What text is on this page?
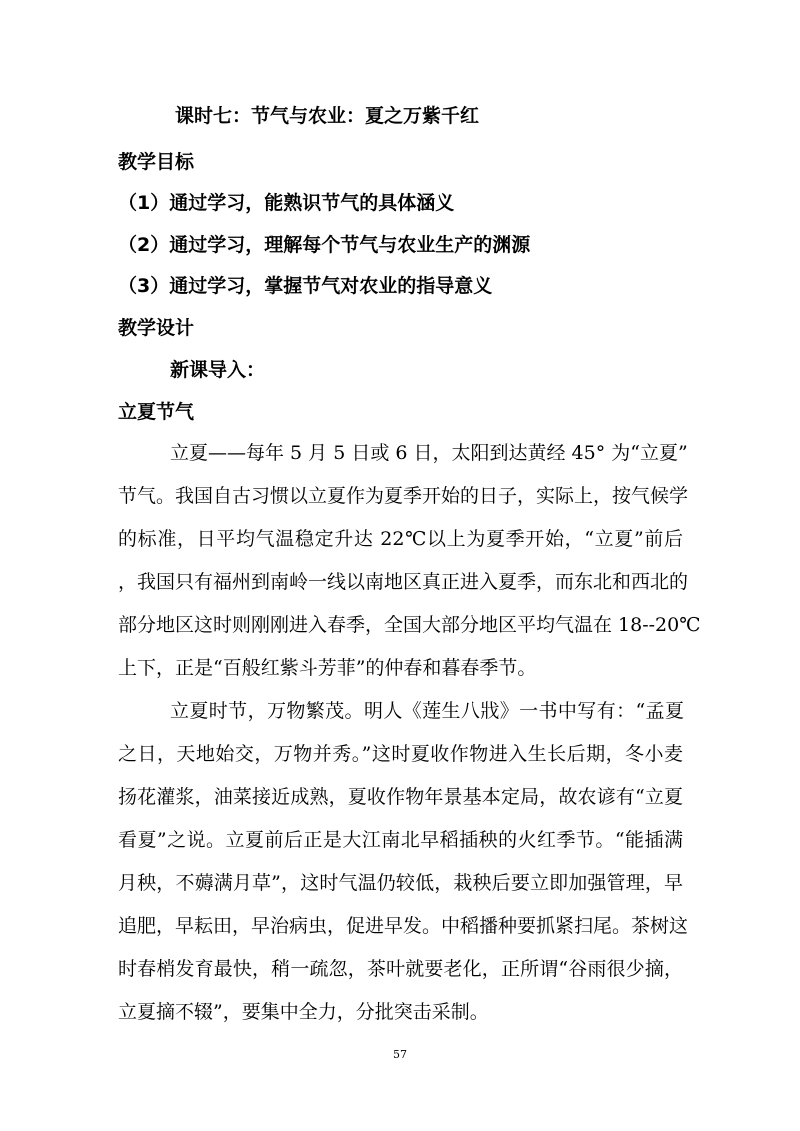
课时七：节气与农业：夏之万紫千红
教学目标
（1）通过学习，能熟识节气的具体涵义
（2）通过学习，理解每个节气与农业生产的渊源
（3）通过学习，掌握节气对农业的指导意义
教学设计
新课导入：
立夏节气
立夏——每年 5 月 5 日或 6 日，太阳到达黄经 45° 为“立夏”
节气。我国自古习惯以立夏作为夏季开始的日子，实际上，按气候学
的标准，日平均气温稳定升达 22℃以上为夏季开始，“立夏”前后
，我国只有福州到南岭一线以南地区真正进入夏季，而东北和西北的
部分地区这时则刚刚进入春季，全国大部分地区平均气温在 18--20℃
上下，正是“百般红紫斗芳菲”的仲春和暮春季节。
立夏时节，万物繁茂。明人《莲生八戕》一书中写有：“孟夏
之日，天地始交，万物并秀。”这时夏收作物进入生长后期，冬小麦
扬花灌浆，油菜接近成熟，夏收作物年景基本定局，故农谚有“立夏
看夏”之说。立夏前后正是大江南北早稻插秧的火红季节。“能插满
月秧，不薅满月草”，这时气温仍较低，栽秧后要立即加强管理，早
追肥，早耘田，早治病虫，促进早发。中稻播种要抓紧扫尾。茶树这
时春梢发育最快，稍一疏忽，茶叶就要老化，正所谓“谷雨很少摘，
立夏摘不辍”，要集中全力，分批突击采制。
57
